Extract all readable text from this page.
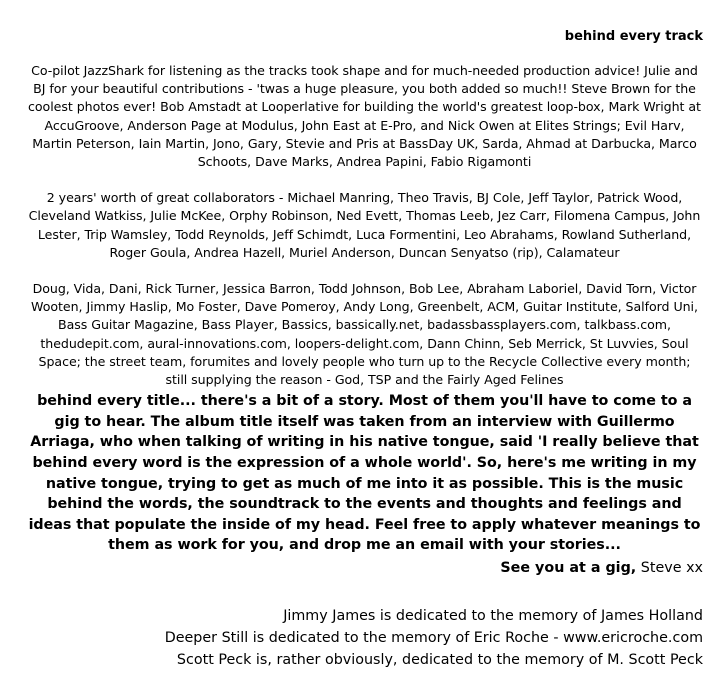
behind every track

Co-pilot JazzShark for listening as the tracks took shape and for much-needed production advice! Julie and BJ for your beautiful contributions - 'twas a huge pleasure, you both added so much!! Steve Brown for the coolest photos ever! Bob Amstadt at Looperlative for building the world's greatest loop-box, Mark Wright at AccuGroove, Anderson Page at Modulus, John East at E-Pro, and Nick Owen at Elites Strings; Evil Harv, Martin Peterson, Iain Martin, Jono, Gary, Stevie and Pris at BassDay UK, Sarda, Ahmad at Darbucka, Marco Schoots, Dave Marks, Andrea Papini, Fabio Rigamonti

2 years' worth of great collaborators - Michael Manring, Theo Travis, BJ Cole, Jeff Taylor, Patrick Wood, Cleveland Watkiss, Julie McKee, Orphy Robinson, Ned Evett, Thomas Leeb, Jez Carr, Filomena Campus, John Lester, Trip Wamsley, Todd Reynolds, Jeff Schimdt, Luca Formentini, Leo Abrahams, Rowland Sutherland, Roger Goula, Andrea Hazell, Muriel Anderson, Duncan Senyatso (rip), Calamateur

Doug, Vida, Dani, Rick Turner, Jessica Barron, Todd Johnson, Bob Lee, Abraham Laboriel, David Torn, Victor Wooten, Jimmy Haslip, Mo Foster, Dave Pomeroy, Andy Long, Greenbelt, ACM, Guitar Institute, Salford Uni, Bass Guitar Magazine, Bass Player, Bassics, bassically.net, badassbassplayers.com, talkbass.com, thedudepit.com, aural-innovations.com, loopers-delight.com, Dann Chinn, Seb Merrick, St Luvvies, Soul Space; the street team, forumites and lovely people who turn up to the Recycle Collective every month; still supplying the reason - God, TSP and the Fairly Aged Felines

behind every title... there's a bit of a story. Most of them you'll have to come to a gig to hear. The album title itself was taken from an interview with Guillermo Arriaga, who when talking of writing in his native tongue, said 'I really believe that behind every word is the expression of a whole world'. So, here's me writing in my native tongue, trying to get as much of me into it as possible. This is the music behind the words, the soundtrack to the events and thoughts and feelings and ideas that populate the inside of my head. Feel free to apply whatever meanings to them as work for you, and drop me an email with your stories...

See you at a gig, Steve xx

Jimmy James is dedicated to the memory of James Holland

Deeper Still is dedicated to the memory of Eric Roche - www.ericroche.com

Scott Peck is, rather obviously, dedicated to the memory of M. Scott Peck
